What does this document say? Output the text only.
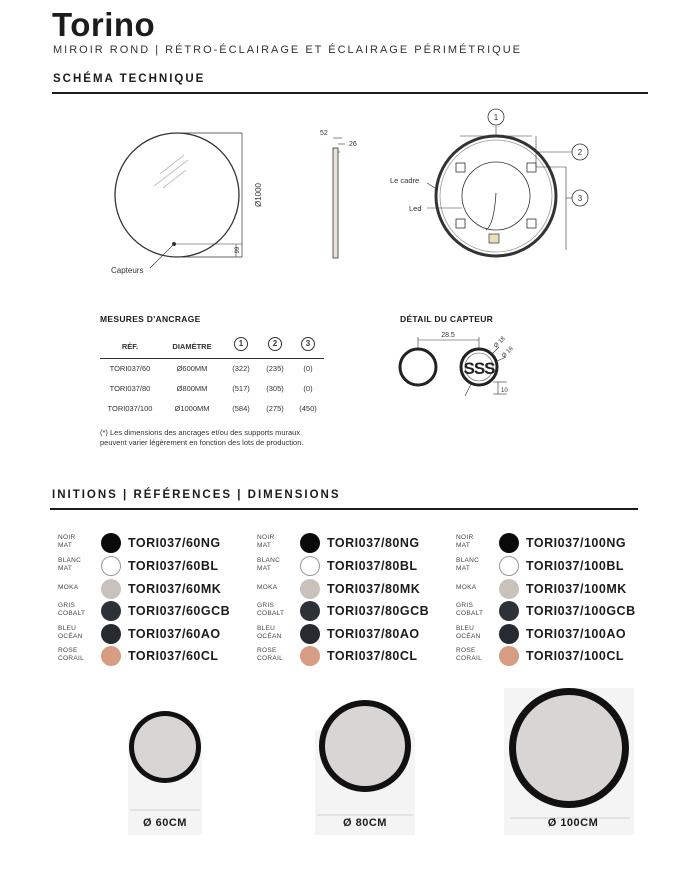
Torino
MIROIR ROND | RÉTRO-ÉCLAIRAGE ET ÉCLAIRAGE PÉRIMÉTRIQUE
SCHÉMA TECHNIQUE
Ø1000
99
Capteurs
52
26
1
2
3
Le cadre
Led
MESURES D'ANCRAGE
RÉF.	DIAMÈTRE	1	2	3
TORI037/60	Ø600MM	(322)	(235)	(0)
TORI037/80	Ø800MM	(517)	(305)	(0)
TORI037/100	Ø1000MM	(584)	(275)	(450)
(*) Les dimensions des ancrages et/ou des supports muraux peuvent varier légèrement en fonction des lots de production.
DÉTAIL DU CAPTEUR
SSS
28.5
Ø 18
Ø 16
10
INITIONS | RÉFÉRENCES | DIMENSIONS
NOIR
MAT	TORI037/60NG
BLANC
MAT	TORI037/60BL
MOKA	TORI037/60MK
GRIS
COBALT	TORI037/60GCB
BLEU
OCÉAN	TORI037/60AO
ROSE
CORAIL	TORI037/60CL
NOIR
MAT	TORI037/80NG
BLANC
MAT	TORI037/80BL
MOKA	TORI037/80MK
GRIS
COBALT	TORI037/80GCB
BLEU
OCÉAN	TORI037/80AO
ROSE
CORAIL	TORI037/80CL
NOIR
MAT	TORI037/100NG
BLANC
MAT	TORI037/100BL
MOKA	TORI037/100MK
GRIS
COBALT	TORI037/100GCB
BLEU
OCÉAN	TORI037/100AO
ROSE
CORAIL	TORI037/100CL
Ø 60CM	Ø 80CM	Ø 100CM
